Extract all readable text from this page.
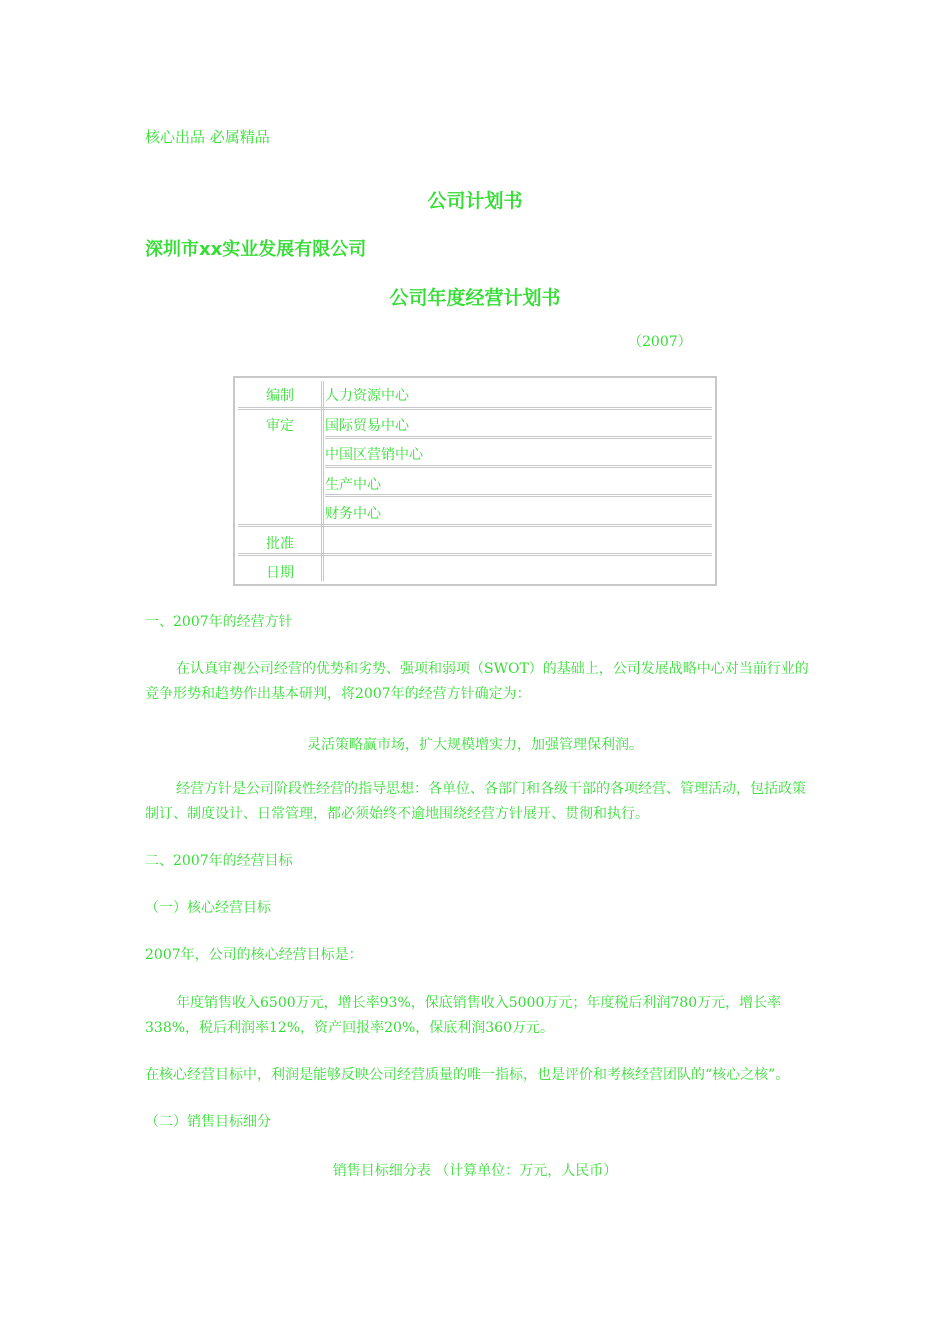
核心出品 必属精品
公司计划书
深圳市xx实业发展有限公司
公司年度经营计划书
（2007）
编制	人力资源中心
审定	国际贸易中心
中国区营销中心
生产中心
财务中心
批准
日期
一、2007年的经营方针
在认真审视公司经营的优势和劣势、强项和弱项（SWOT）的基础上，公司发展战略中心对当前行业的竞争形势和趋势作出基本研判，将2007年的经营方针确定为：
灵活策略赢市场，扩大规模增实力，加强管理保利润。
经营方针是公司阶段性经营的指导思想：各单位、各部门和各级干部的各项经营、管理活动，包括政策制订、制度设计、日常管理，都必须始终不逾地围绕经营方针展开、贯彻和执行。
二、2007年的经营目标
（一）核心经营目标
2007年，公司的核心经营目标是：
年度销售收入6500万元，增长率93%，保底销售收入5000万元；年度税后利润780万元，增长率338%，税后利润率12%，资产回报率20%，保底利润360万元。
在核心经营目标中，利润是能够反映公司经营质量的唯一指标，也是评价和考核经营团队的“核心之核”。
（二）销售目标细分
销售目标细分表 （计算单位：万元，人民币）
